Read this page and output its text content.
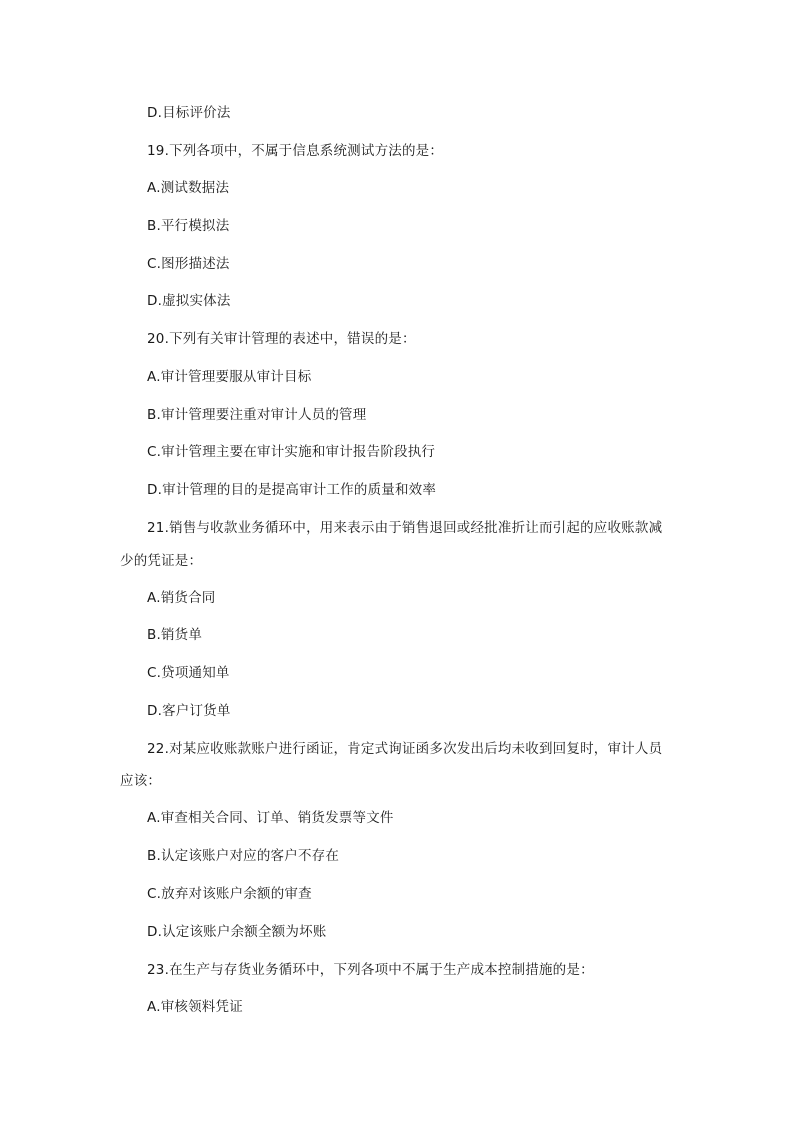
D.目标评价法
19.下列各项中，不属于信息系统测试方法的是：
A.测试数据法
B.平行模拟法
C.图形描述法
D.虚拟实体法
20.下列有关审计管理的表述中，错误的是：
A.审计管理要服从审计目标
B.审计管理要注重对审计人员的管理
C.审计管理主要在审计实施和审计报告阶段执行
D.审计管理的目的是提高审计工作的质量和效率
21.销售与收款业务循环中，用来表示由于销售退回或经批准折让而引起的应收账款减
少的凭证是：
A.销货合同
B.销货单
C.贷项通知单
D.客户订货单
22.对某应收账款账户进行函证，肯定式询证函多次发出后均未收到回复时，审计人员
应该：
A.审查相关合同、订单、销货发票等文件
B.认定该账户对应的客户不存在
C.放弃对该账户余额的审查
D.认定该账户余额全额为坏账
23.在生产与存货业务循环中，下列各项中不属于生产成本控制措施的是：
A.审核领料凭证
